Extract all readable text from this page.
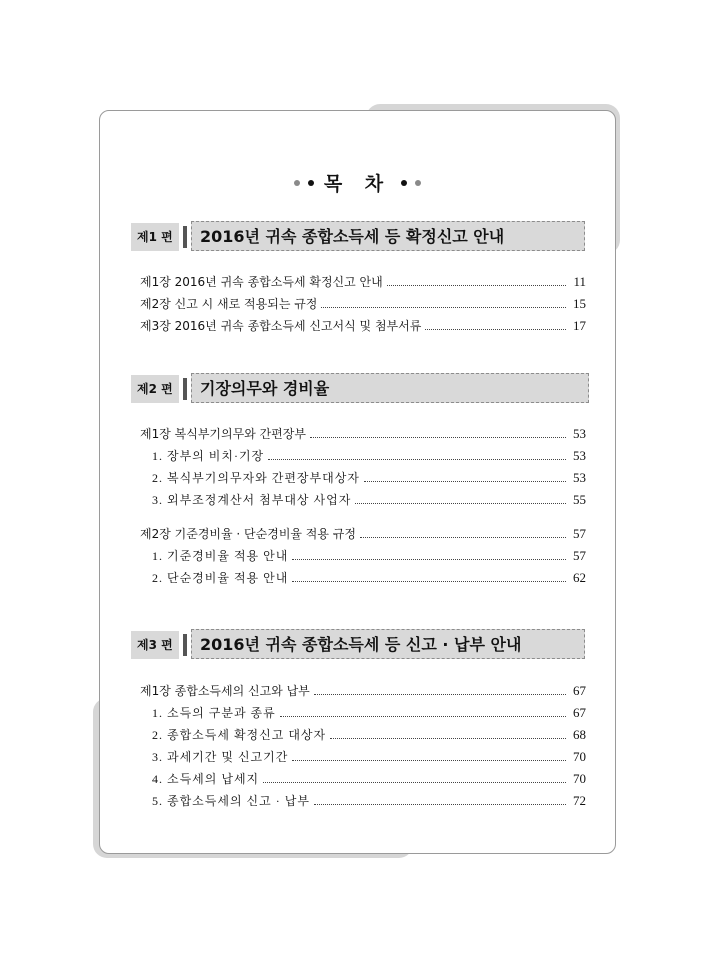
목 차
제1 편	2016년 귀속 종합소득세 등 확정신고 안내
제1장 2016년 귀속 종합소득세 확정신고 안내	11
제2장 신고 시 새로 적용되는 규정	15
제3장 2016년 귀속 종합소득세 신고서식 및 첨부서류	17
제2 편	기장의무와 경비율
제1장 복식부기의무와 간편장부	53
1. 장부의 비치·기장	53
2. 복식부기의무자와 간편장부대상자	53
3. 외부조정계산서 첨부대상 사업자	55
제2장 기준경비율 · 단순경비율 적용 규정	57
1. 기준경비율 적용 안내	57
2. 단순경비율 적용 안내	62
제3 편	2016년 귀속 종합소득세 등 신고 · 납부 안내
제1장 종합소득세의 신고와 납부	67
1. 소득의 구분과 종류	67
2. 종합소득세 확정신고 대상자	68
3. 과세기간 및 신고기간	70
4. 소득세의 납세지	70
5. 종합소득세의 신고 · 납부	72
